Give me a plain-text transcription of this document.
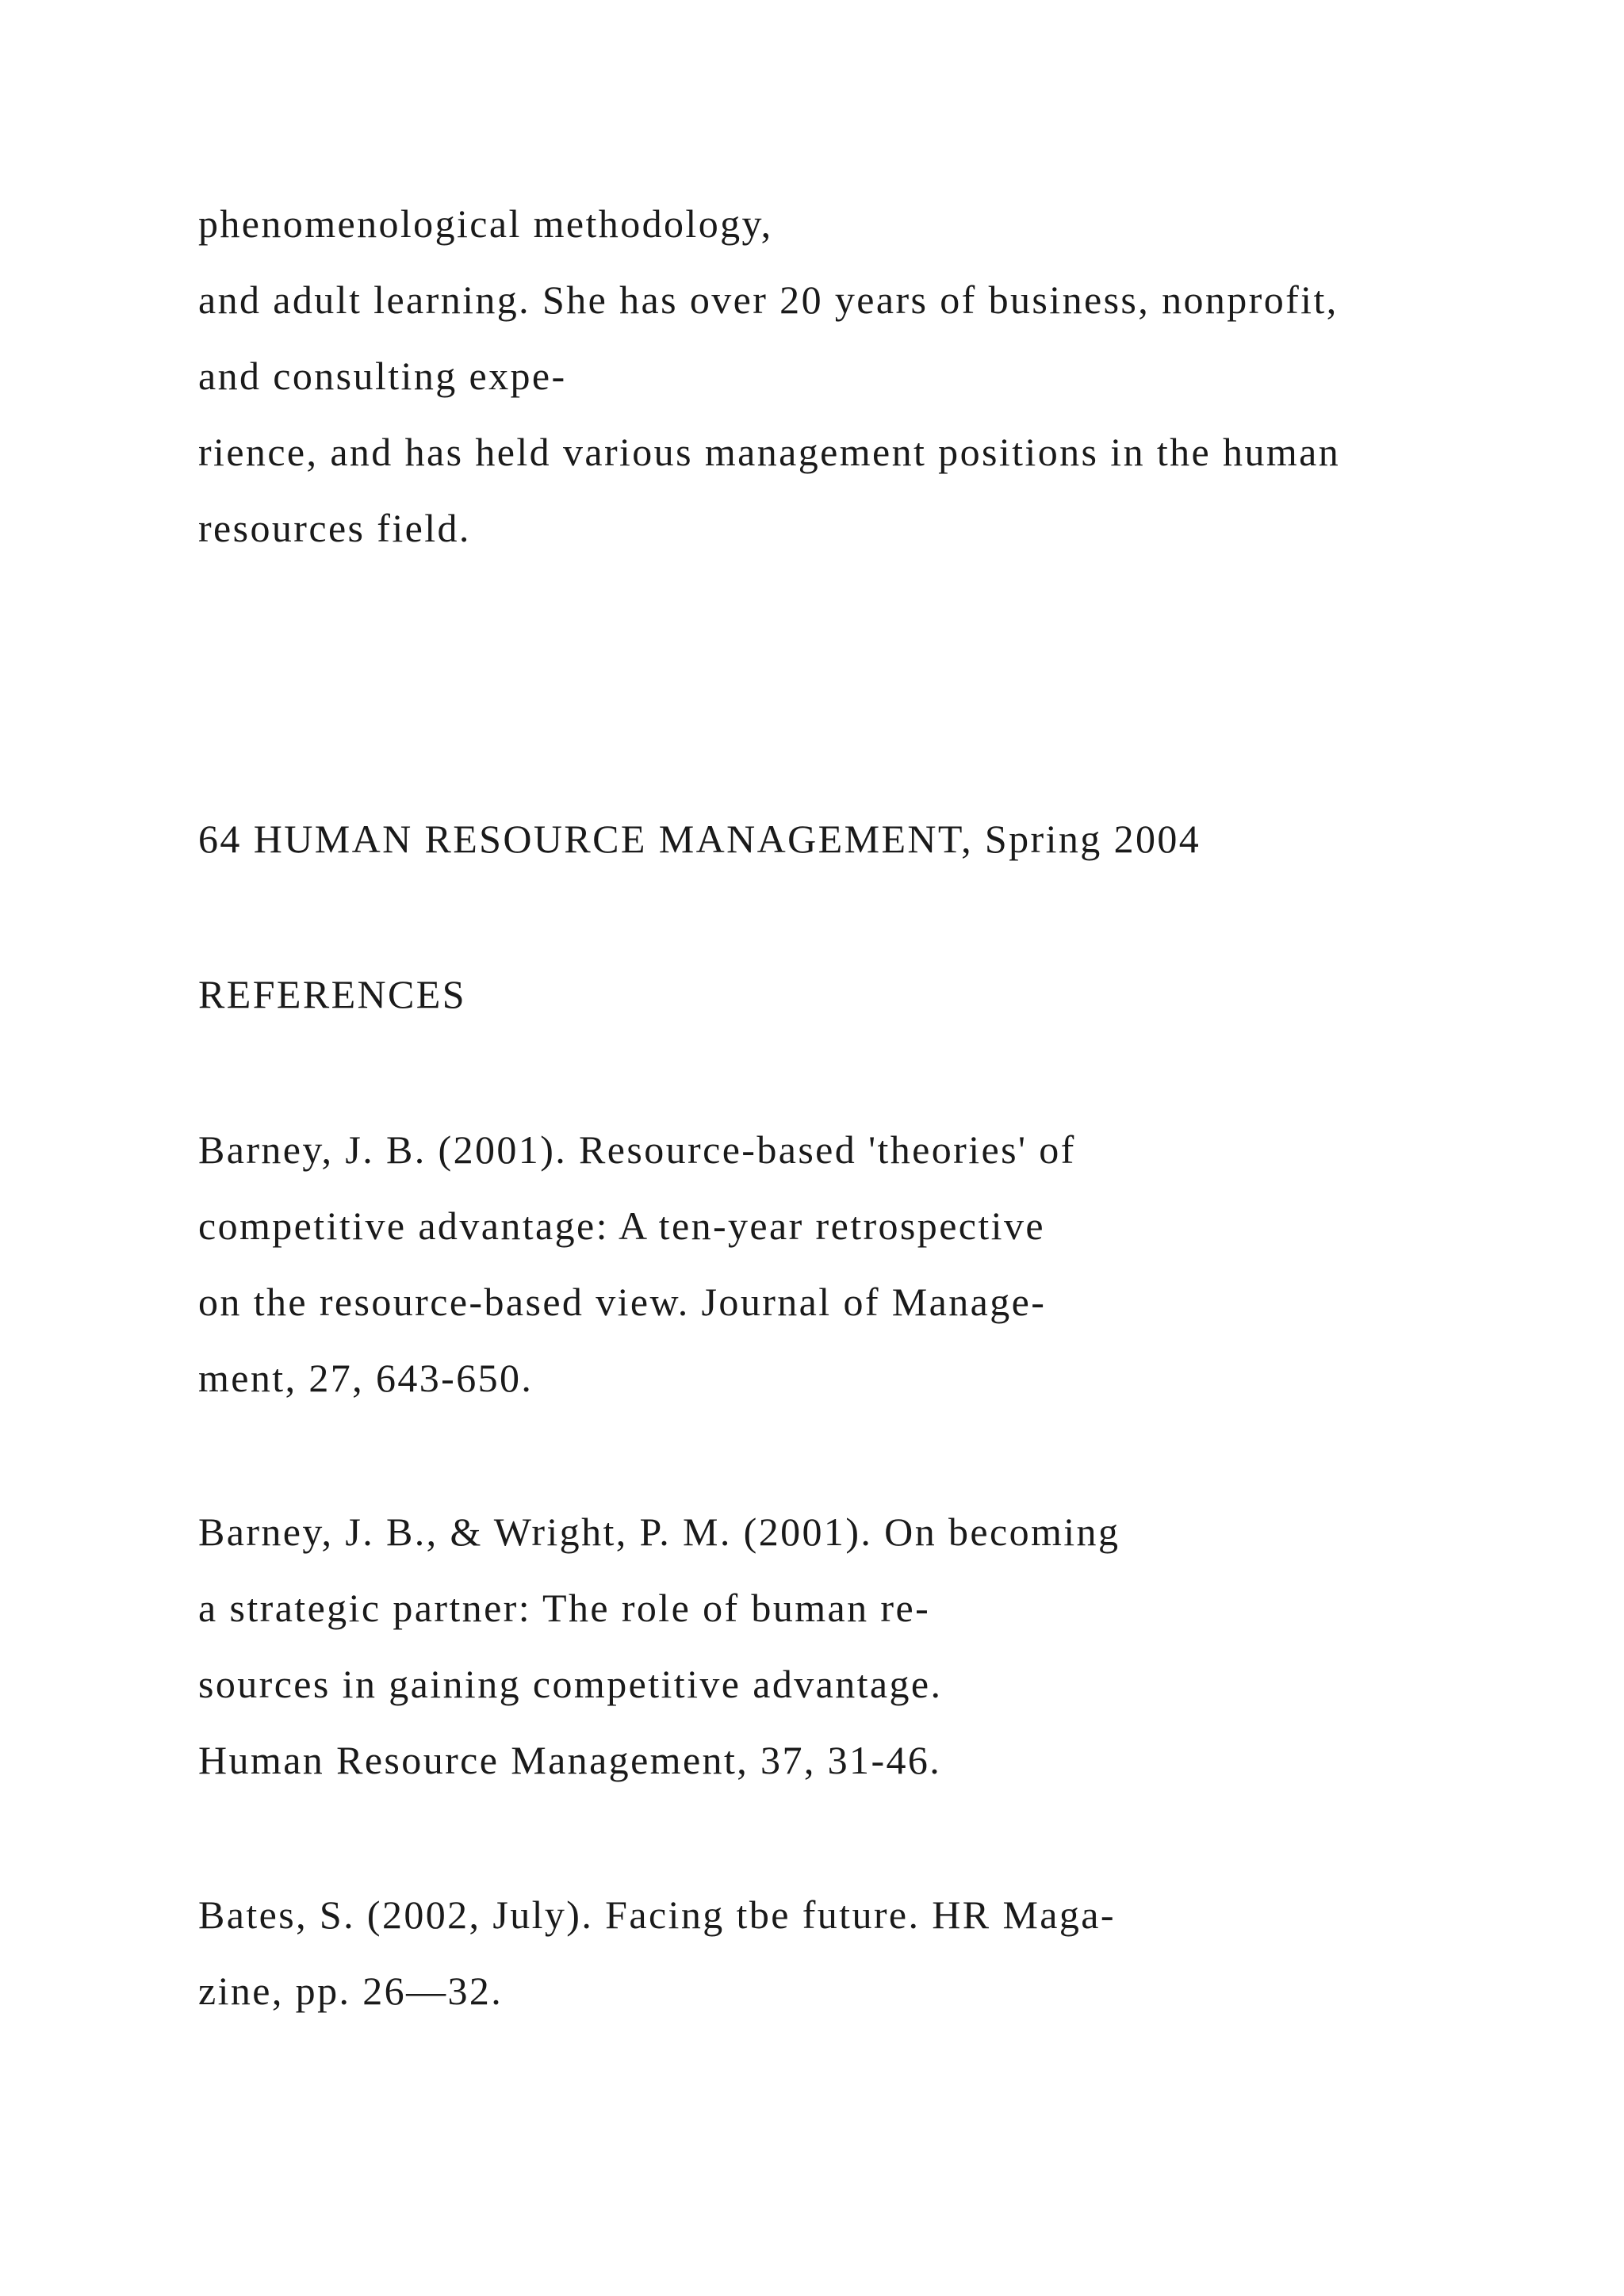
phenomenological methodology,
and adult learning. She has over 20 years of business, nonprofit,
and consulting expe-
rience, and has held various management positions in the human
resources field.
64 HUMAN RESOURCE MANAGEMENT, Spring 2004
REFERENCES
Barney, J. B. (2001). Resource-based 'theories' of
competitive advantage: A ten-year retrospective
on the resource-based view. Journal of Manage-
ment, 27, 643-650.
Barney, J. B., & Wright, P. M. (2001). On becoming
a strategic partner: The role of buman re-
sources in gaining competitive advantage.
Human Resource Management, 37, 31-46.
Bates, S. (2002, July). Facing tbe future. HR Maga-
zine, pp. 26—32.
